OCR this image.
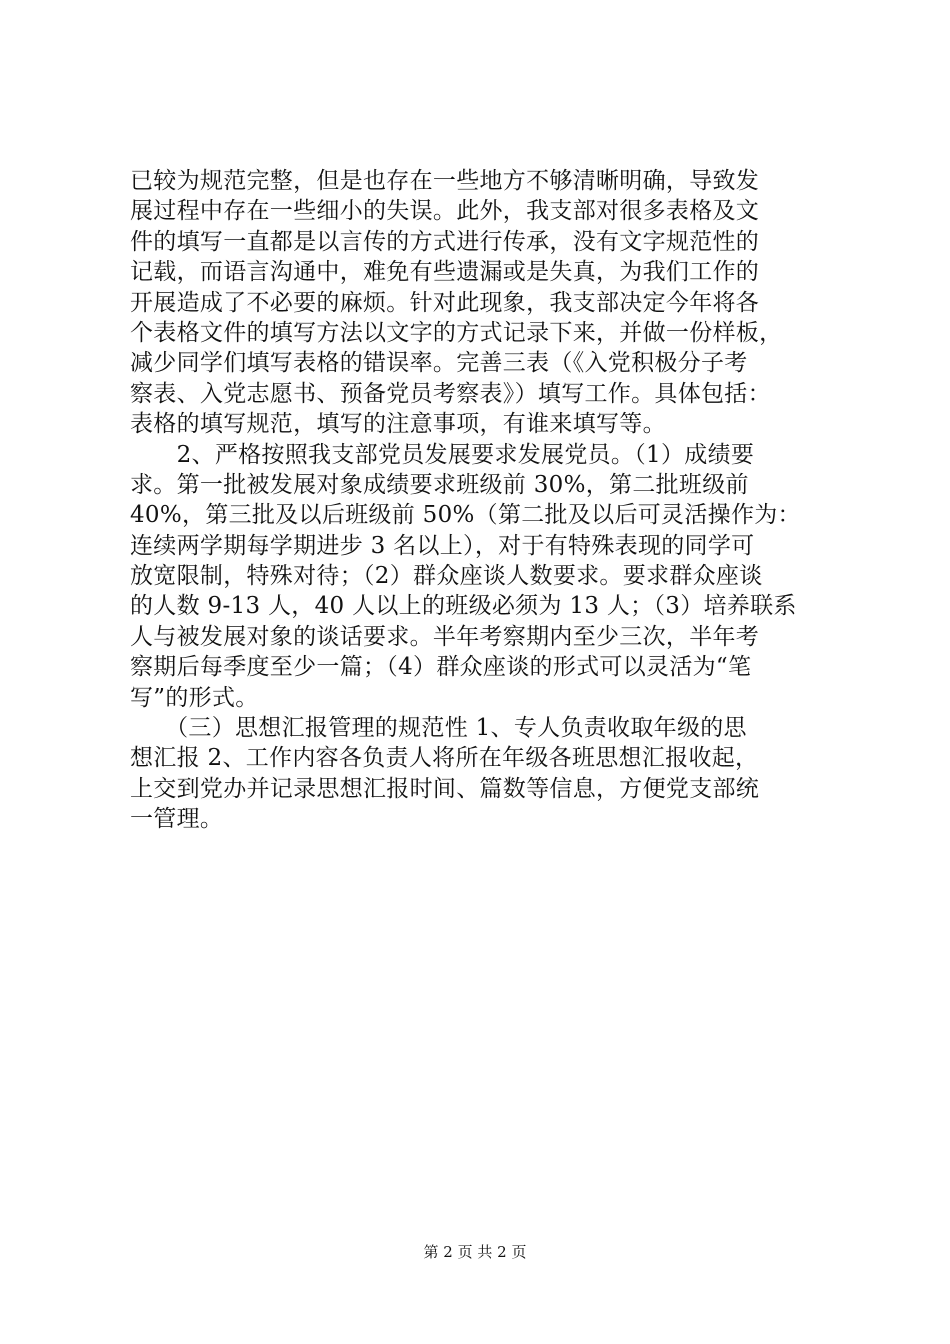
已较为规范完整，但是也存在一些地方不够清晰明确，导致发
展过程中存在一些细小的失误。此外，我支部对很多表格及文
件的填写一直都是以言传的方式进行传承，没有文字规范性的
记载，而语言沟通中，难免有些遗漏或是失真，为我们工作的
开展造成了不必要的麻烦。针对此现象，我支部决定今年将各
个表格文件的填写方法以文字的方式记录下来，并做一份样板，
减少同学们填写表格的错误率。完善三表（《入党积极分子考
察表、入党志愿书、预备党员考察表》）填写工作。具体包括：
表格的填写规范，填写的注意事项，有谁来填写等。
　　2、严格按照我支部党员发展要求发展党员。（1）成绩要
求。第一批被发展对象成绩要求班级前 30%，第二批班级前
40%，第三批及以后班级前 50%（第二批及以后可灵活操作为：
连续两学期每学期进步 3 名以上），对于有特殊表现的同学可
放宽限制，特殊对待；（2）群众座谈人数要求。要求群众座谈
的人数 9-13 人，40 人以上的班级必须为 13 人；（3）培养联系
人与被发展对象的谈话要求。半年考察期内至少三次，半年考
察期后每季度至少一篇；（4）群众座谈的形式可以灵活为“笔
写”的形式。
　　（三）思想汇报管理的规范性 1、专人负责收取年级的思
想汇报 2、工作内容各负责人将所在年级各班思想汇报收起，
上交到党办并记录思想汇报时间、篇数等信息，方便党支部统
一管理。
第 2 页 共 2 页
